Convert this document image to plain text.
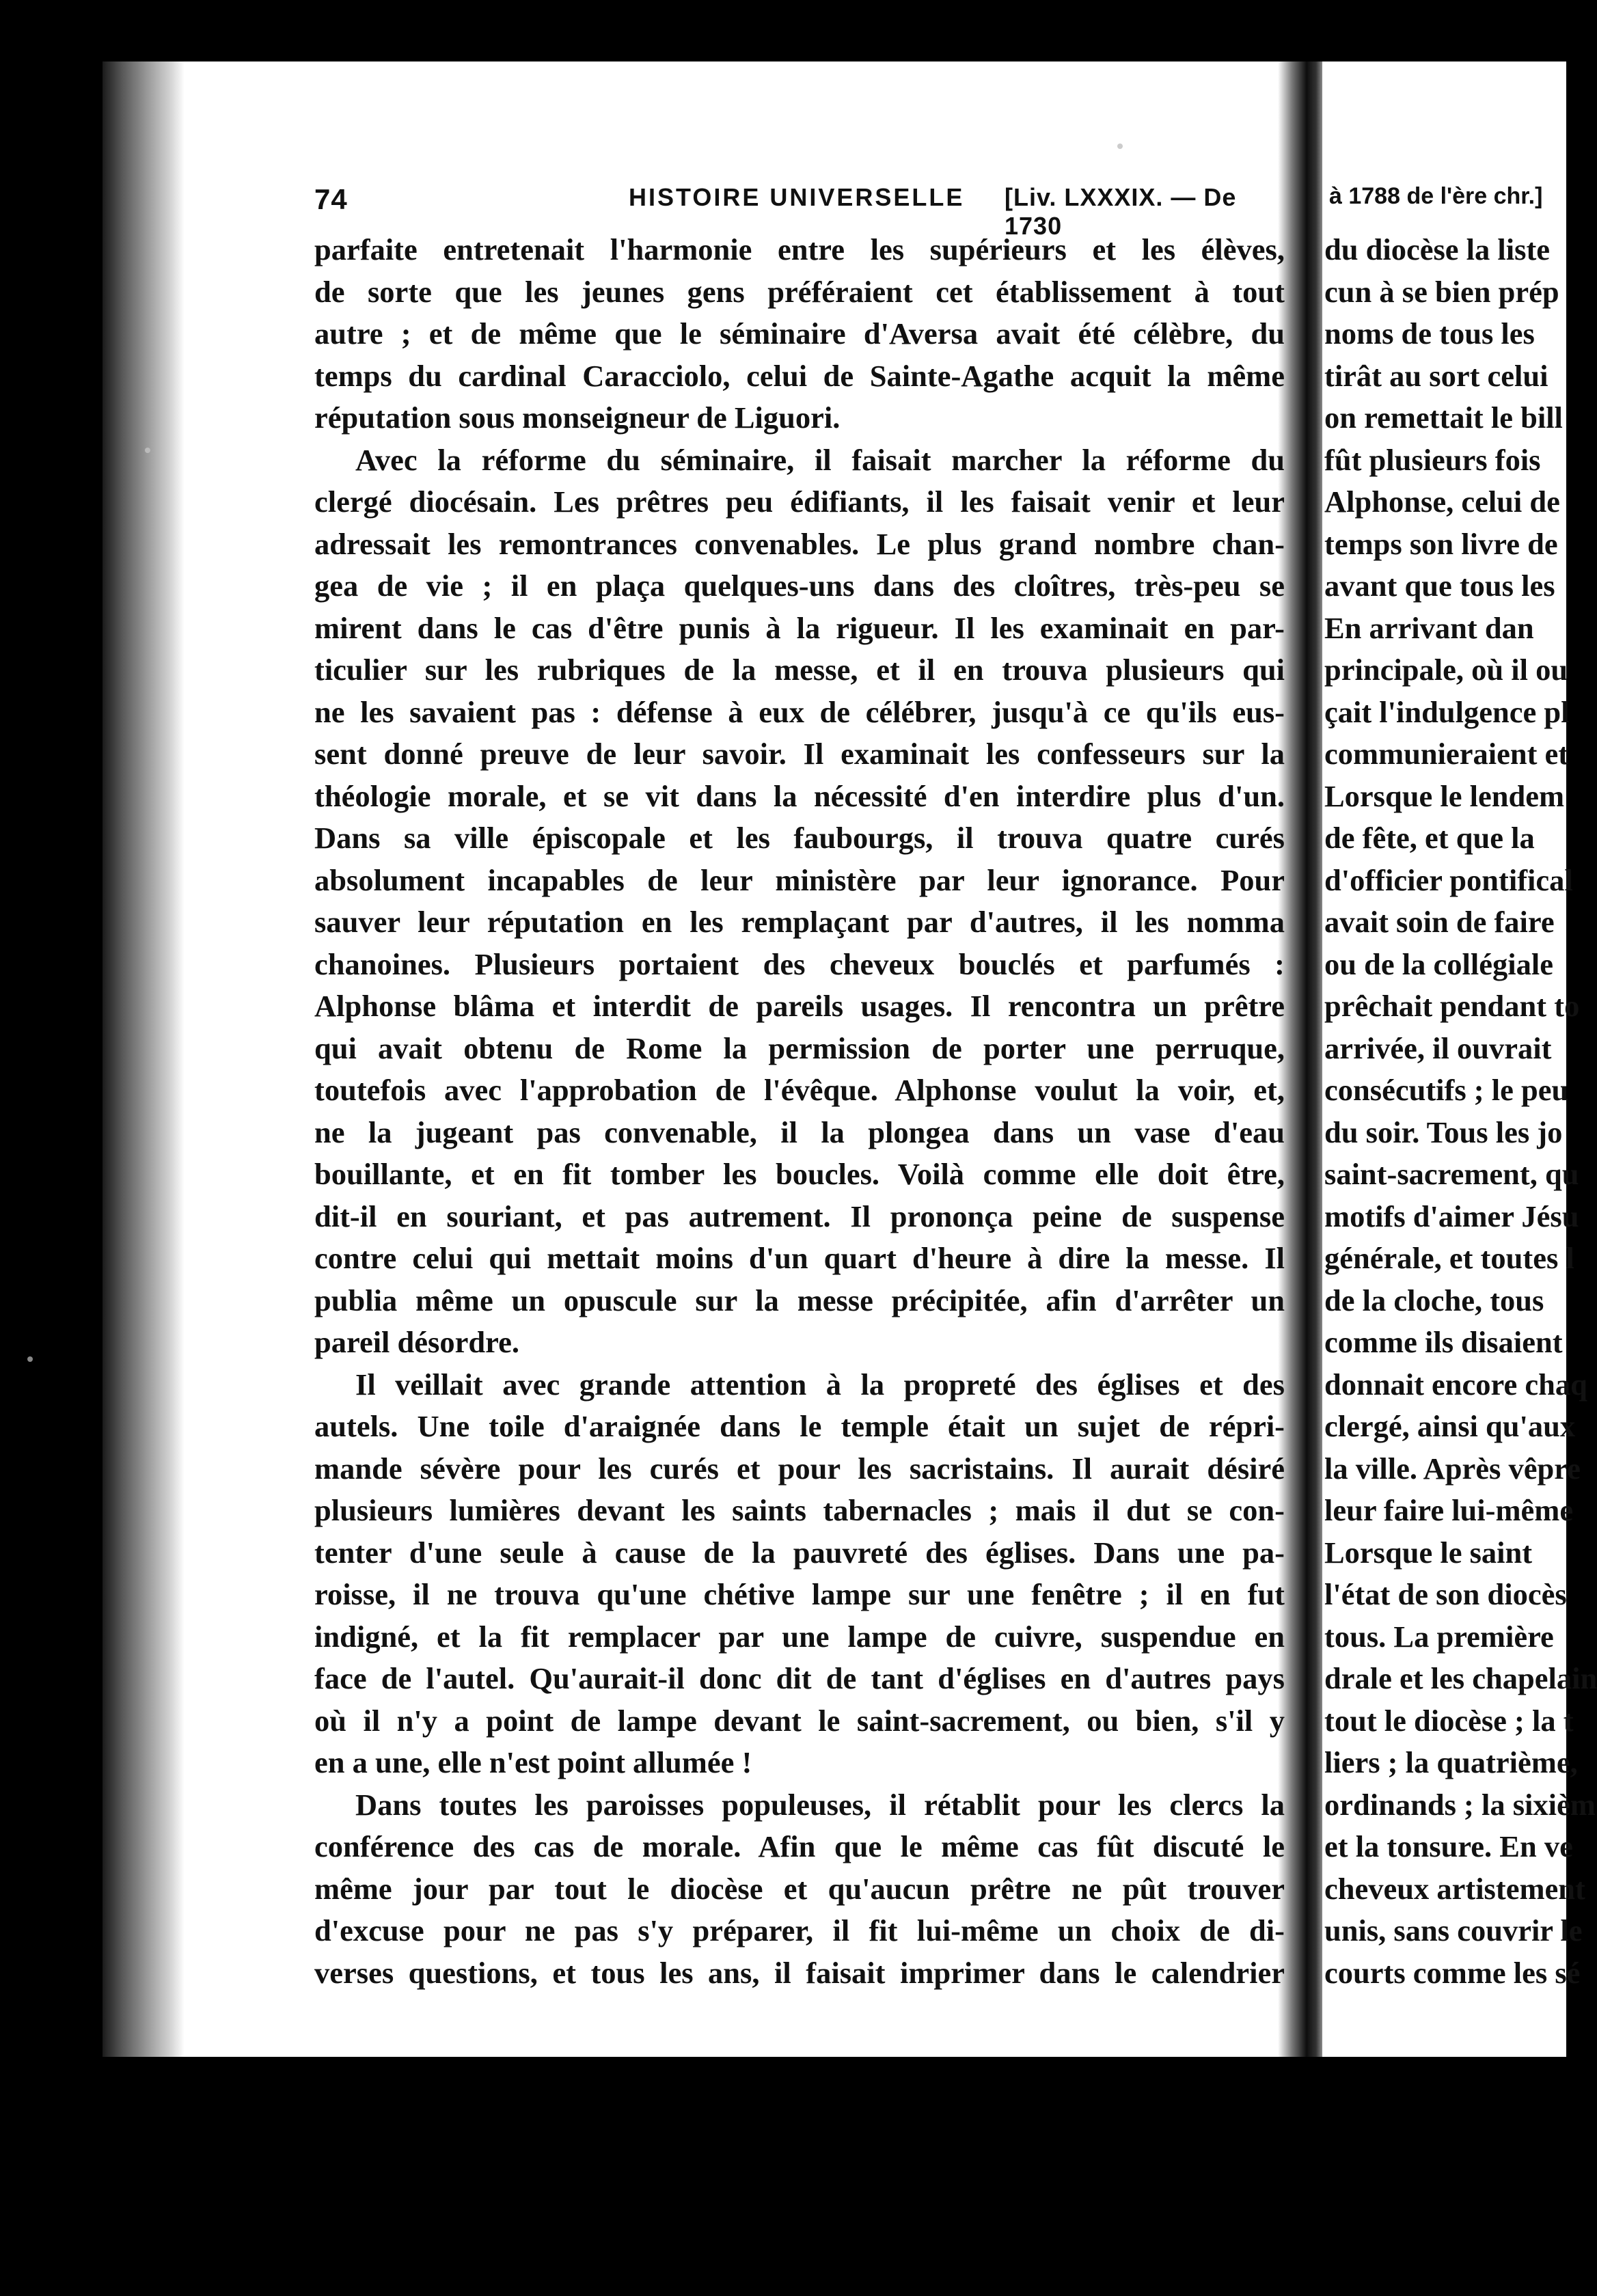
74	HISTOIRE UNIVERSELLE [Liv. LXXXIX. — De 1730
parfaite entretenait l'harmonie entre les supérieurs et les élèves,
de sorte que les jeunes gens préféraient cet établissement à tout
autre ; et de même que le séminaire d'Aversa avait été célèbre, du
temps du cardinal Caracciolo, celui de Sainte-Agathe acquit la même
réputation sous monseigneur de Liguori.
Avec la réforme du séminaire, il faisait marcher la réforme du
clergé diocésain. Les prêtres peu édifiants, il les faisait venir et leur
adressait les remontrances convenables. Le plus grand nombre chan-
gea de vie ; il en plaça quelques-uns dans des cloîtres, très-peu se
mirent dans le cas d'être punis à la rigueur. Il les examinait en par-
ticulier sur les rubriques de la messe, et il en trouva plusieurs qui
ne les savaient pas : défense à eux de célébrer, jusqu'à ce qu'ils eus-
sent donné preuve de leur savoir. Il examinait les confesseurs sur la
théologie morale, et se vit dans la nécessité d'en interdire plus d'un.
Dans sa ville épiscopale et les faubourgs, il trouva quatre curés
absolument incapables de leur ministère par leur ignorance. Pour
sauver leur réputation en les remplaçant par d'autres, il les nomma
chanoines. Plusieurs portaient des cheveux bouclés et parfumés :
Alphonse blâma et interdit de pareils usages. Il rencontra un prêtre
qui avait obtenu de Rome la permission de porter une perruque,
toutefois avec l'approbation de l'évêque. Alphonse voulut la voir, et,
ne la jugeant pas convenable, il la plongea dans un vase d'eau
bouillante, et en fit tomber les boucles. Voilà comme elle doit être,
dit-il en souriant, et pas autrement. Il prononça peine de suspense
contre celui qui mettait moins d'un quart d'heure à dire la messe. Il
publia même un opuscule sur la messe précipitée, afin d'arrêter un
pareil désordre.
Il veillait avec grande attention à la propreté des églises et des
autels. Une toile d'araignée dans le temple était un sujet de répri-
mande sévère pour les curés et pour les sacristains. Il aurait désiré
plusieurs lumières devant les saints tabernacles ; mais il dut se con-
tenter d'une seule à cause de la pauvreté des églises. Dans une pa-
roisse, il ne trouva qu'une chétive lampe sur une fenêtre ; il en fut
indigné, et la fit remplacer par une lampe de cuivre, suspendue en
face de l'autel. Qu'aurait-il donc dit de tant d'églises en d'autres pays
où il n'y a point de lampe devant le saint-sacrement, ou bien, s'il y
en a une, elle n'est point allumée !
Dans toutes les paroisses populeuses, il rétablit pour les clercs la
conférence des cas de morale. Afin que le même cas fût discuté le
même jour par tout le diocèse et qu'aucun prêtre ne pût trouver
d'excuse pour ne pas s'y préparer, il fit lui-même un choix de di-
verses questions, et tous les ans, il faisait imprimer dans le calendrier
à 1788 de l'ère chr.]
du diocèse la liste
cun à se bien prép
noms de tous les
tirât au sort celui
on remettait le bill
fût plusieurs fois
Alphonse, celui de
temps son livre de
avant que tous les
En arrivant dan
principale, où il ou
çait l'indulgence pl
communieraient et
Lorsque le lendem
de fête, et que la
d'officier pontifical
avait soin de faire
ou de la collégiale
prêchait pendant to
arrivée, il ouvrait
consécutifs ; le peu
du soir. Tous les jo
saint-sacrement, qu
motifs d'aimer Jésu
générale, et toutes l
de la cloche, tous
comme ils disaient
donnait encore chaq
clergé, ainsi qu'aux
la ville. Après vêpre
leur faire lui-même
Lorsque le saint
l'état de son diocès
tous. La première
drale et les chapelain
tout le diocèse ; la t
liers ; la quatrième,
ordinands ; la sixièm
et la tonsure. En ve
cheveux artistement
unis, sans couvrir le
courts comme les sé
